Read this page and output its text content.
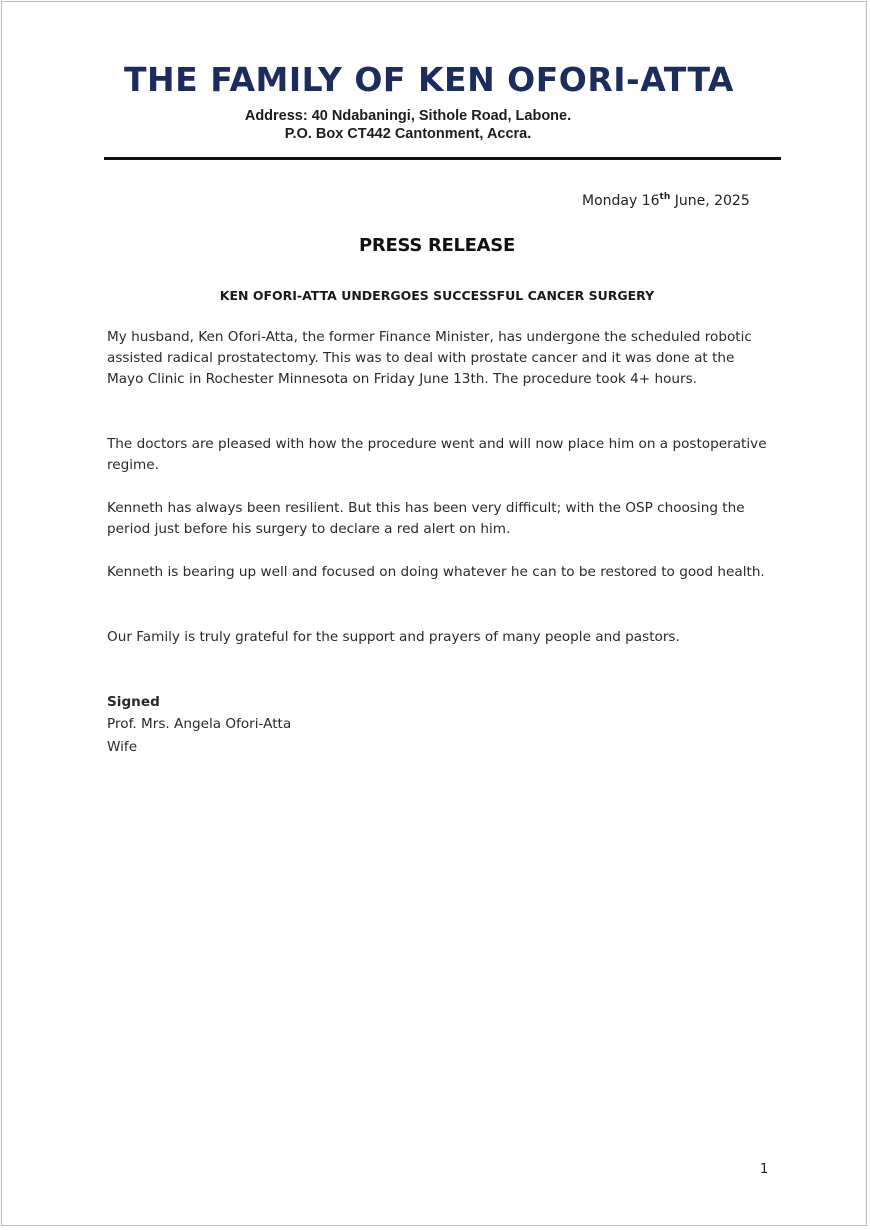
THE FAMILY OF KEN OFORI-ATTA
Address: 40 Ndabaningi, Sithole Road, Labone.
P.O. Box CT442 Cantonment, Accra.
Monday 16th June, 2025
PRESS RELEASE
KEN OFORI-ATTA UNDERGOES SUCCESSFUL CANCER SURGERY
My husband, Ken Ofori-Atta, the former Finance Minister, has undergone the scheduled robotic assisted radical prostatectomy. This was to deal with prostate cancer and it was done at the Mayo Clinic in Rochester Minnesota on Friday June 13th. The procedure took 4+ hours.
The doctors are pleased with how the procedure went and will now place him on a postoperative regime.
Kenneth has always been resilient. But this has been very difficult; with the OSP choosing the period just before his surgery to declare a red alert on him.
Kenneth is bearing up well and focused on doing whatever he can to be restored to good health.
Our Family is truly grateful for the support and prayers of many people and pastors.
Signed
Prof. Mrs. Angela Ofori-Atta
Wife
1
